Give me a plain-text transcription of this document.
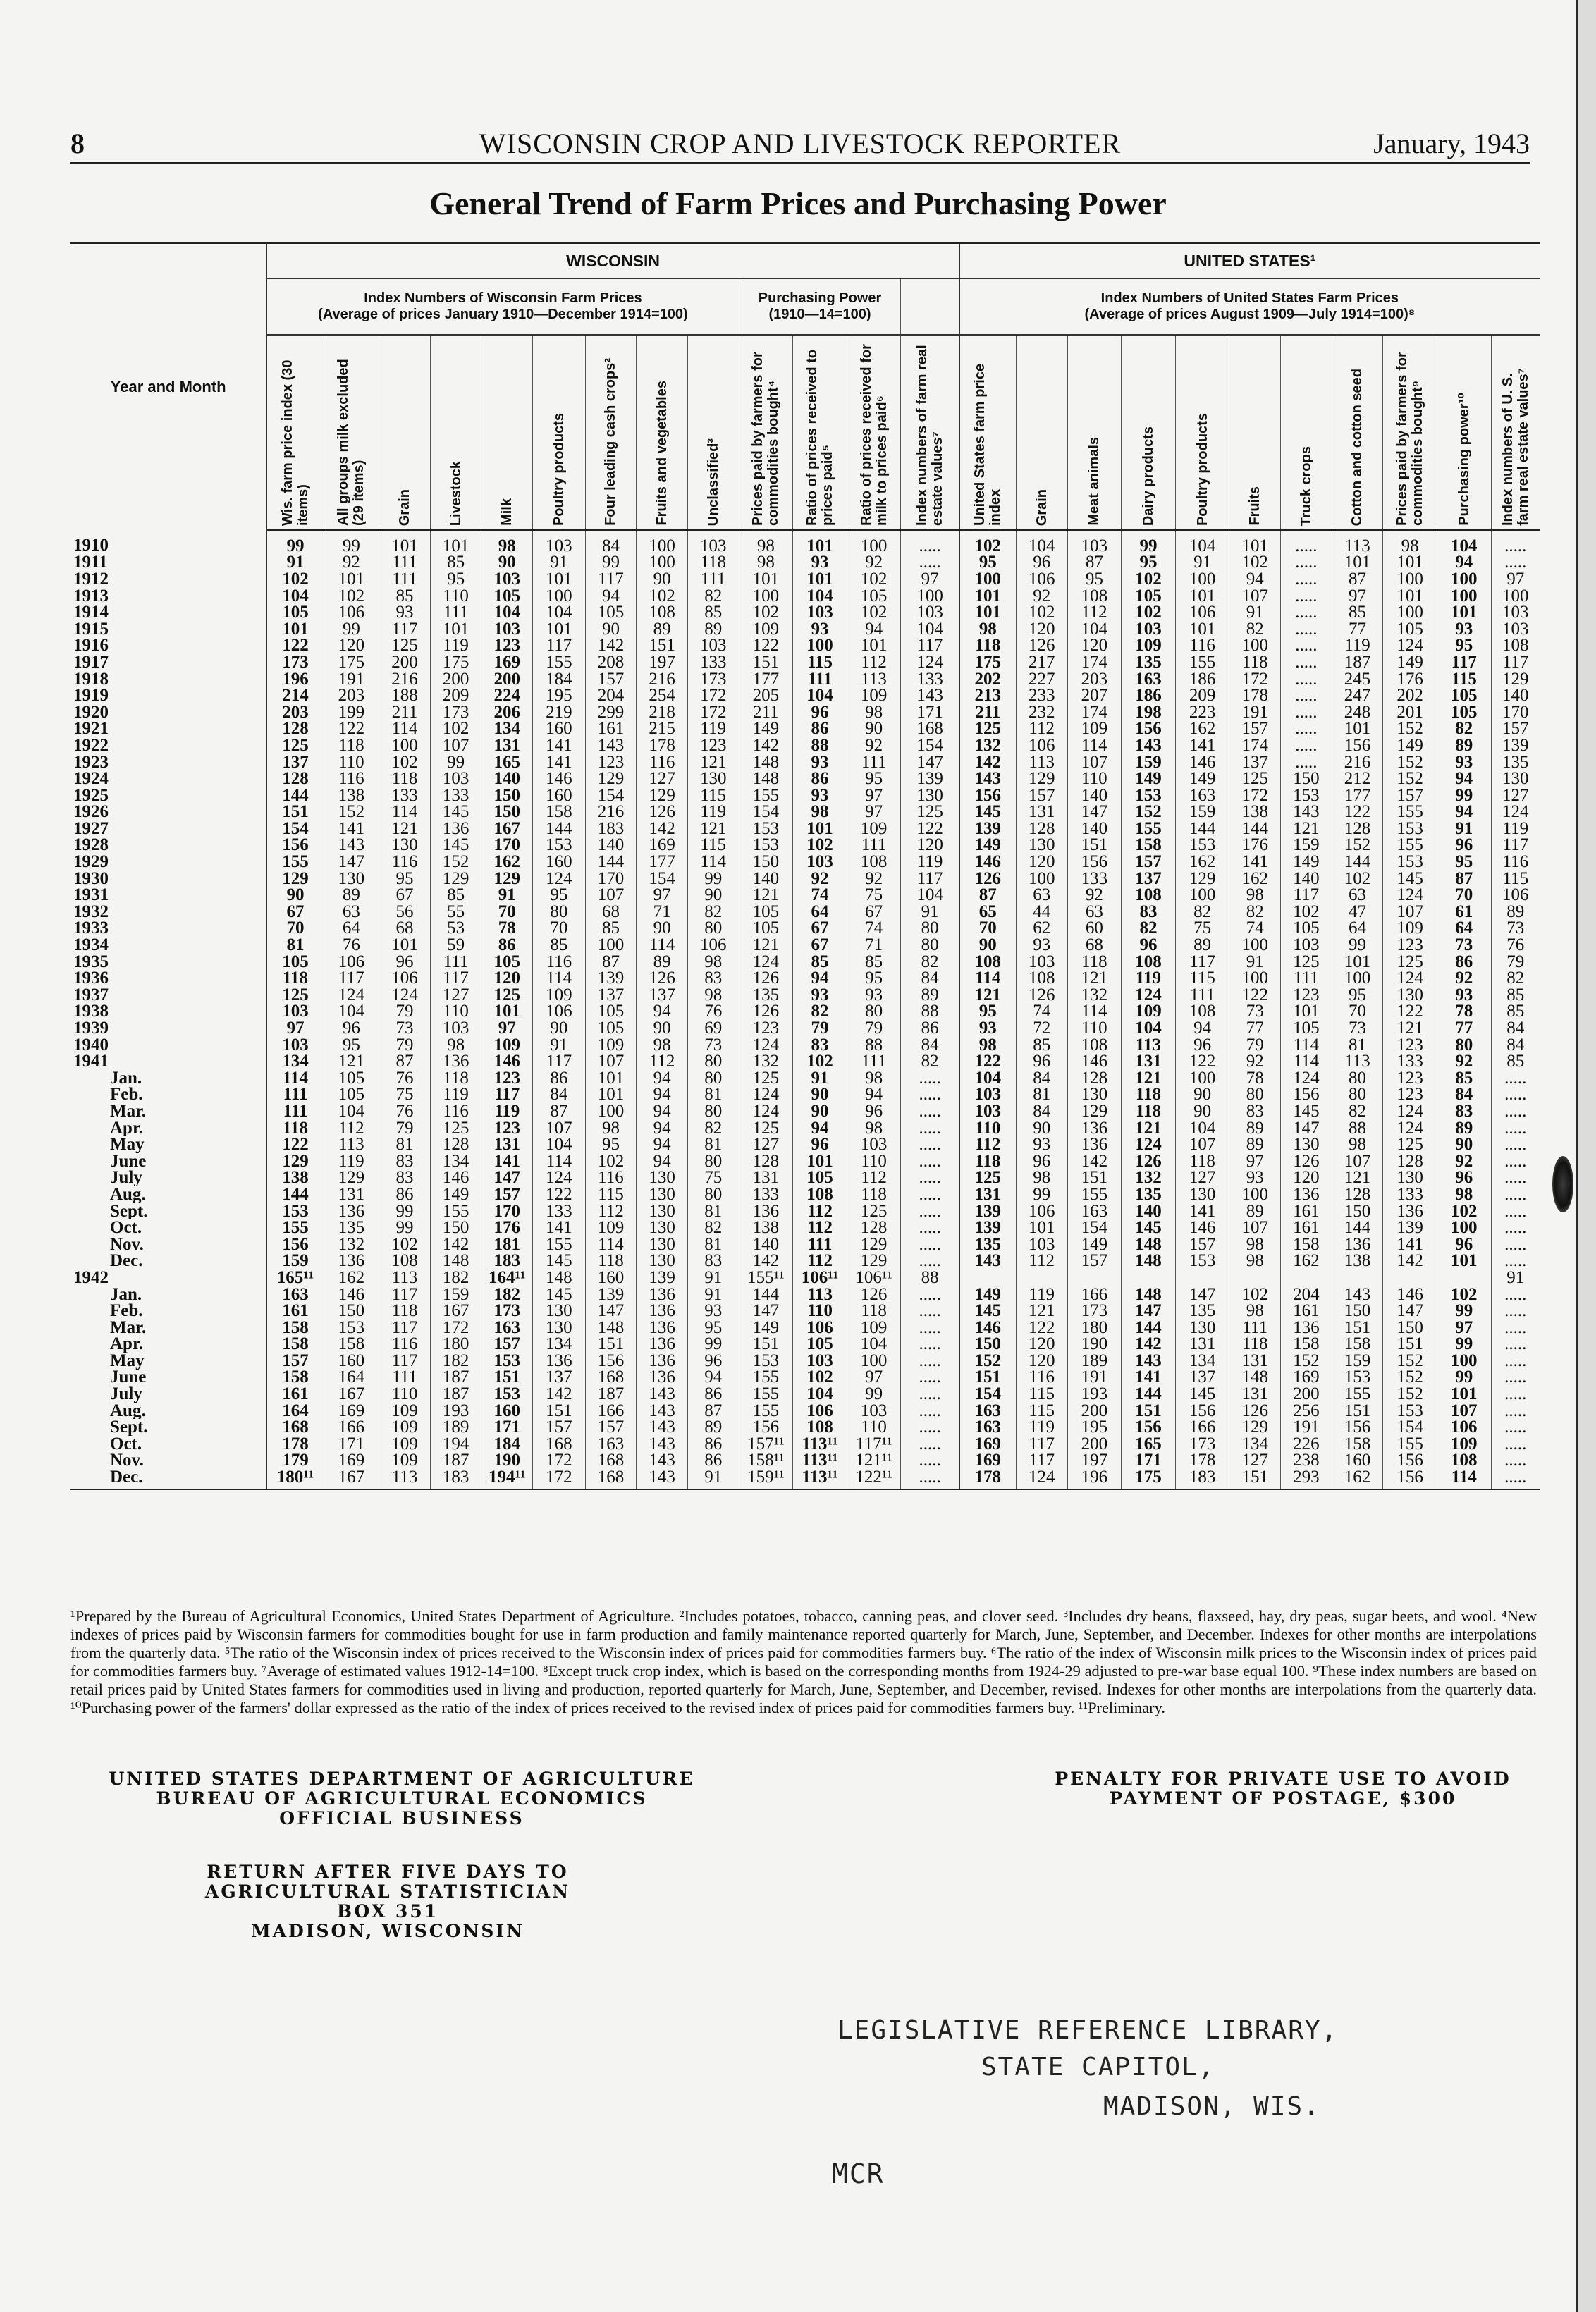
8	WISCONSIN CROP AND LIVESTOCK REPORTER	January, 1943
General Trend of Farm Prices and Purchasing Power
Year and Month	WISCONSIN													UNITED STATES¹										
	Index Numbers of Wisconsin Farm Prices
(Average of prices January 1910—December 1914=100)									Purchasing Power
(1910—14=100)				Index Numbers of United States Farm Prices
(Average of prices August 1909—July 1914=100)⁸										
	Wis. farm price index (30 items)	All groups milk excluded (29 items)	Grain	Livestock	Milk	Poultry products	Four leading cash crops²	Fruits and vegetables	Unclassified³	Prices paid by farmers for commodities bought⁴	Ratio of prices received to prices paid⁵	Ratio of prices received for milk to prices paid⁶	Index numbers of farm real estate values⁷	United States farm price index	Grain	Meat animals	Dairy products	Poultry products	Fruits	Truck crops	Cotton and cotton seed	Prices paid by farmers for commodities bought⁹	Purchasing power¹⁰	Index numbers of U. S. farm real estate values⁷
1910	99	99	101	101	98	103	84	100	103	98	101	100	.....	102	104	103	99	104	101	.....	113	98	104	.....
1911	91	92	111	85	90	91	99	100	118	98	93	92	.....	95	96	87	95	91	102	.....	101	101	94	.....
1912	102	101	111	95	103	101	117	90	111	101	101	102	97	100	106	95	102	100	94	.....	87	100	100	97
1913	104	102	85	110	105	100	94	102	82	100	104	105	100	101	92	108	105	101	107	.....	97	101	100	100
1914	105	106	93	111	104	104	105	108	85	102	103	102	103	101	102	112	102	106	91	.....	85	100	101	103
1915	101	99	117	101	103	101	90	89	89	109	93	94	104	98	120	104	103	101	82	.....	77	105	93	103
1916	122	120	125	119	123	117	142	151	103	122	100	101	117	118	126	120	109	116	100	.....	119	124	95	108
1917	173	175	200	175	169	155	208	197	133	151	115	112	124	175	217	174	135	155	118	.....	187	149	117	117
1918	196	191	216	200	200	184	157	216	173	177	111	113	133	202	227	203	163	186	172	.....	245	176	115	129
1919	214	203	188	209	224	195	204	254	172	205	104	109	143	213	233	207	186	209	178	.....	247	202	105	140
1920	203	199	211	173	206	219	299	218	172	211	96	98	171	211	232	174	198	223	191	.....	248	201	105	170
1921	128	122	114	102	134	160	161	215	119	149	86	90	168	125	112	109	156	162	157	.....	101	152	82	157
1922	125	118	100	107	131	141	143	178	123	142	88	92	154	132	106	114	143	141	174	.....	156	149	89	139
1923	137	110	102	99	165	141	123	116	121	148	93	111	147	142	113	107	159	146	137	.....	216	152	93	135
1924	128	116	118	103	140	146	129	127	130	148	86	95	139	143	129	110	149	149	125	150	212	152	94	130
1925	144	138	133	133	150	160	154	129	115	155	93	97	130	156	157	140	153	163	172	153	177	157	99	127
1926	151	152	114	145	150	158	216	126	119	154	98	97	125	145	131	147	152	159	138	143	122	155	94	124
1927	154	141	121	136	167	144	183	142	121	153	101	109	122	139	128	140	155	144	144	121	128	153	91	119
1928	156	143	130	145	170	153	140	169	115	153	102	111	120	149	130	151	158	153	176	159	152	155	96	117
1929	155	147	116	152	162	160	144	177	114	150	103	108	119	146	120	156	157	162	141	149	144	153	95	116
1930	129	130	95	129	129	124	170	154	99	140	92	92	117	126	100	133	137	129	162	140	102	145	87	115
1931	90	89	67	85	91	95	107	97	90	121	74	75	104	87	63	92	108	100	98	117	63	124	70	106
1932	67	63	56	55	70	80	68	71	82	105	64	67	91	65	44	63	83	82	82	102	47	107	61	89
1933	70	64	68	53	78	70	85	90	80	105	67	74	80	70	62	60	82	75	74	105	64	109	64	73
1934	81	76	101	59	86	85	100	114	106	121	67	71	80	90	93	68	96	89	100	103	99	123	73	76
1935	105	106	96	111	105	116	87	89	98	124	85	85	82	108	103	118	108	117	91	125	101	125	86	79
1936	118	117	106	117	120	114	139	126	83	126	94	95	84	114	108	121	119	115	100	111	100	124	92	82
1937	125	124	124	127	125	109	137	137	98	135	93	93	89	121	126	132	124	111	122	123	95	130	93	85
1938	103	104	79	110	101	106	105	94	76	126	82	80	88	95	74	114	109	108	73	101	70	122	78	85
1939	97	96	73	103	97	90	105	90	69	123	79	79	86	93	72	110	104	94	77	105	73	121	77	84
1940	103	95	79	98	109	91	109	98	73	124	83	88	84	98	85	108	113	96	79	114	81	123	80	84
1941	134	121	87	136	146	117	107	112	80	132	102	111	82	122	96	146	131	122	92	114	113	133	92	85
Jan.	114	105	76	118	123	86	101	94	80	125	91	98	.....	104	84	128	121	100	78	124	80	123	85	.....
Feb.	111	105	75	119	117	84	101	94	81	124	90	94	.....	103	81	130	118	90	80	156	80	123	84	.....
Mar.	111	104	76	116	119	87	100	94	80	124	90	96	.....	103	84	129	118	90	83	145	82	124	83	.....
Apr.	118	112	79	125	123	107	98	94	82	125	94	98	.....	110	90	136	121	104	89	147	88	124	89	.....
May	122	113	81	128	131	104	95	94	81	127	96	103	.....	112	93	136	124	107	89	130	98	125	90	.....
June	129	119	83	134	141	114	102	94	80	128	101	110	.....	118	96	142	126	118	97	126	107	128	92	.....
July	138	129	83	146	147	124	116	130	75	131	105	112	.....	125	98	151	132	127	93	120	121	130	96	.....
Aug.	144	131	86	149	157	122	115	130	80	133	108	118	.....	131	99	155	135	130	100	136	128	133	98	.....
Sept.	153	136	99	155	170	133	112	130	81	136	112	125	.....	139	106	163	140	141	89	161	150	136	102	.....
Oct.	155	135	99	150	176	141	109	130	82	138	112	128	.....	139	101	154	145	146	107	161	144	139	100	.....
Nov.	156	132	102	142	181	155	114	130	81	140	111	129	.....	135	103	149	148	157	98	158	136	141	96	.....
Dec.	159	136	108	148	183	145	118	130	83	142	112	129	.....	143	112	157	148	153	98	162	138	142	101	.....
1942	165¹¹	162	113	182	164¹¹	148	160	139	91	155¹¹	106¹¹	106¹¹	88											91
Jan.	163	146	117	159	182	145	139	136	91	144	113	126	.....	149	119	166	148	147	102	204	143	146	102	.....
Feb.	161	150	118	167	173	130	147	136	93	147	110	118	.....	145	121	173	147	135	98	161	150	147	99	.....
Mar.	158	153	117	172	163	130	148	136	95	149	106	109	.....	146	122	180	144	130	111	136	151	150	97	.....
Apr.	158	158	116	180	157	134	151	136	99	151	105	104	.....	150	120	190	142	131	118	158	158	151	99	.....
May	157	160	117	182	153	136	156	136	96	153	103	100	.....	152	120	189	143	134	131	152	159	152	100	.....
June	158	164	111	187	151	137	168	136	94	155	102	97	.....	151	116	191	141	137	148	169	153	152	99	.....
July	161	167	110	187	153	142	187	143	86	155	104	99	.....	154	115	193	144	145	131	200	155	152	101	.....
Aug.	164	169	109	193	160	151	166	143	87	155	106	103	.....	163	115	200	151	156	126	256	151	153	107	.....
Sept.	168	166	109	189	171	157	157	143	89	156	108	110	.....	163	119	195	156	166	129	191	156	154	106	.....
Oct.	178	171	109	194	184	168	163	143	86	157¹¹	113¹¹	117¹¹	.....	169	117	200	165	173	134	226	158	155	109	.....
Nov.	179	169	109	187	190	172	168	143	86	158¹¹	113¹¹	121¹¹	.....	169	117	197	171	178	127	238	160	156	108	.....
Dec.	180¹¹	167	113	183	194¹¹	172	168	143	91	159¹¹	113¹¹	122¹¹	.....	178	124	196	175	183	151	293	162	156	114	.....

¹Prepared by the Bureau of Agricultural Economics, United States Department of Agriculture. ²Includes potatoes, tobacco, canning peas, and clover seed. ³Includes dry beans, flaxseed, hay, dry peas, sugar beets, and wool. ⁴New indexes of prices paid by Wisconsin farmers for commodities bought for use in farm production and family maintenance reported quarterly for March, June, September, and December. Indexes for other months are interpolations from the quarterly data. ⁵The ratio of the Wisconsin index of prices received to the Wisconsin index of prices paid for commodities farmers buy. ⁶The ratio of the index of Wisconsin milk prices to the Wisconsin index of prices paid for commodities farmers buy. ⁷Average of estimated values 1912-14=100. ⁸Except truck crop index, which is based on the corresponding months from 1924-29 adjusted to pre-war base equal 100. ⁹These index numbers are based on retail prices paid by United States farmers for commodities used in living and production, reported quarterly for March, June, September, and December, revised. Indexes for other months are interpolations from the quarterly data. ¹⁰Purchasing power of the farmers' dollar expressed as the ratio of the index of prices received to the revised index of prices paid for commodities farmers buy. ¹¹Preliminary.

UNITED STATES DEPARTMENT OF AGRICULTURE
BUREAU OF AGRICULTURAL ECONOMICS
OFFICIAL BUSINESS
PENALTY FOR PRIVATE USE TO AVOID
PAYMENT OF POSTAGE, $300
RETURN AFTER FIVE DAYS TO
AGRICULTURAL STATISTICIAN
BOX 351
MADISON, WISCONSIN
LEGISLATIVE REFERENCE LIBRARY,
STATE CAPITOL,
MADISON, WIS.
MCR
